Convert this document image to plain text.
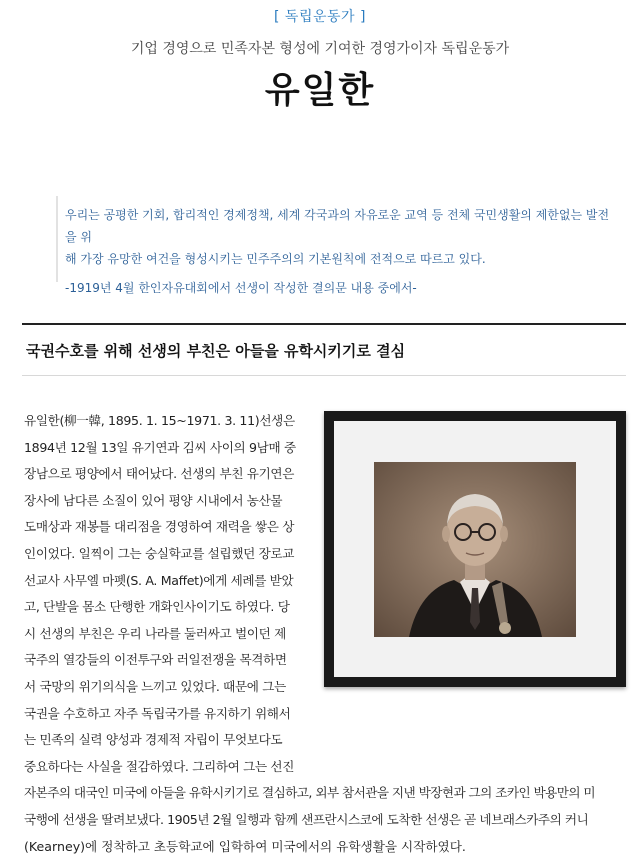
[ 독립운동가 ]
기업 경영으로 민족자본 형성에 기여한 경영가이자 독립운동가
유일한

우리는 공평한 기회, 합리적인 경제정책, 세계 각국과의 자유로운 교역 등 전체 국민생활의 제한없는 발전을 위
해 가장 유망한 여건을 형성시키는 민주주의의 기본원칙에 전적으로 따르고 있다.

-1919년 4월 한인자유대회에서 선생이 작성한 결의문 내용 중에서-

국권수호를 위해 선생의 부친은 아들을 유학시키기로 결심
유일한(柳一韓, 1895. 1. 15~1971. 3. 11)선생은
1894년 12월 13일 유기연과 김씨 사이의 9남매 중
장남으로 평양에서 태어났다. 선생의 부친 유기연은
장사에 남다른 소질이 있어 평양 시내에서 농산물
도매상과 재봉틀 대리점을 경영하여 재력을 쌓은 상
인이었다. 일찍이 그는 숭실학교를 설립했던 장로교
선교사 사무엘 마펫(S. A. Maffet)에게 세례를 받았
고, 단발을 몸소 단행한 개화인사이기도 하였다. 당
시 선생의 부친은 우리 나라를 둘러싸고 벌이던 제
국주의 열강들의 이전투구와 러일전쟁을 목격하면
서 국망의 위기의식을 느끼고 있었다. 때문에 그는
국권을 수호하고 자주 독립국가를 유지하기 위해서
는 민족의 실력 양성과 경제적 자립이 무엇보다도
중요하다는 사실을 절감하였다. 그리하여 그는 선진
자본주의 대국인 미국에 아들을 유학시키기로 결심하고, 외부 참서관을 지낸 박장현과 그의 조카인 박용만의 미
국행에 선생을 딸려보냈다. 1905년 2월 일행과 함께 샌프란시스코에 도착한 선생은 곧 네브래스카주의 커니
(Kearney)에 정착하고 초등학교에 입학하여 미국에서의 유학생활을 시작하였다.
